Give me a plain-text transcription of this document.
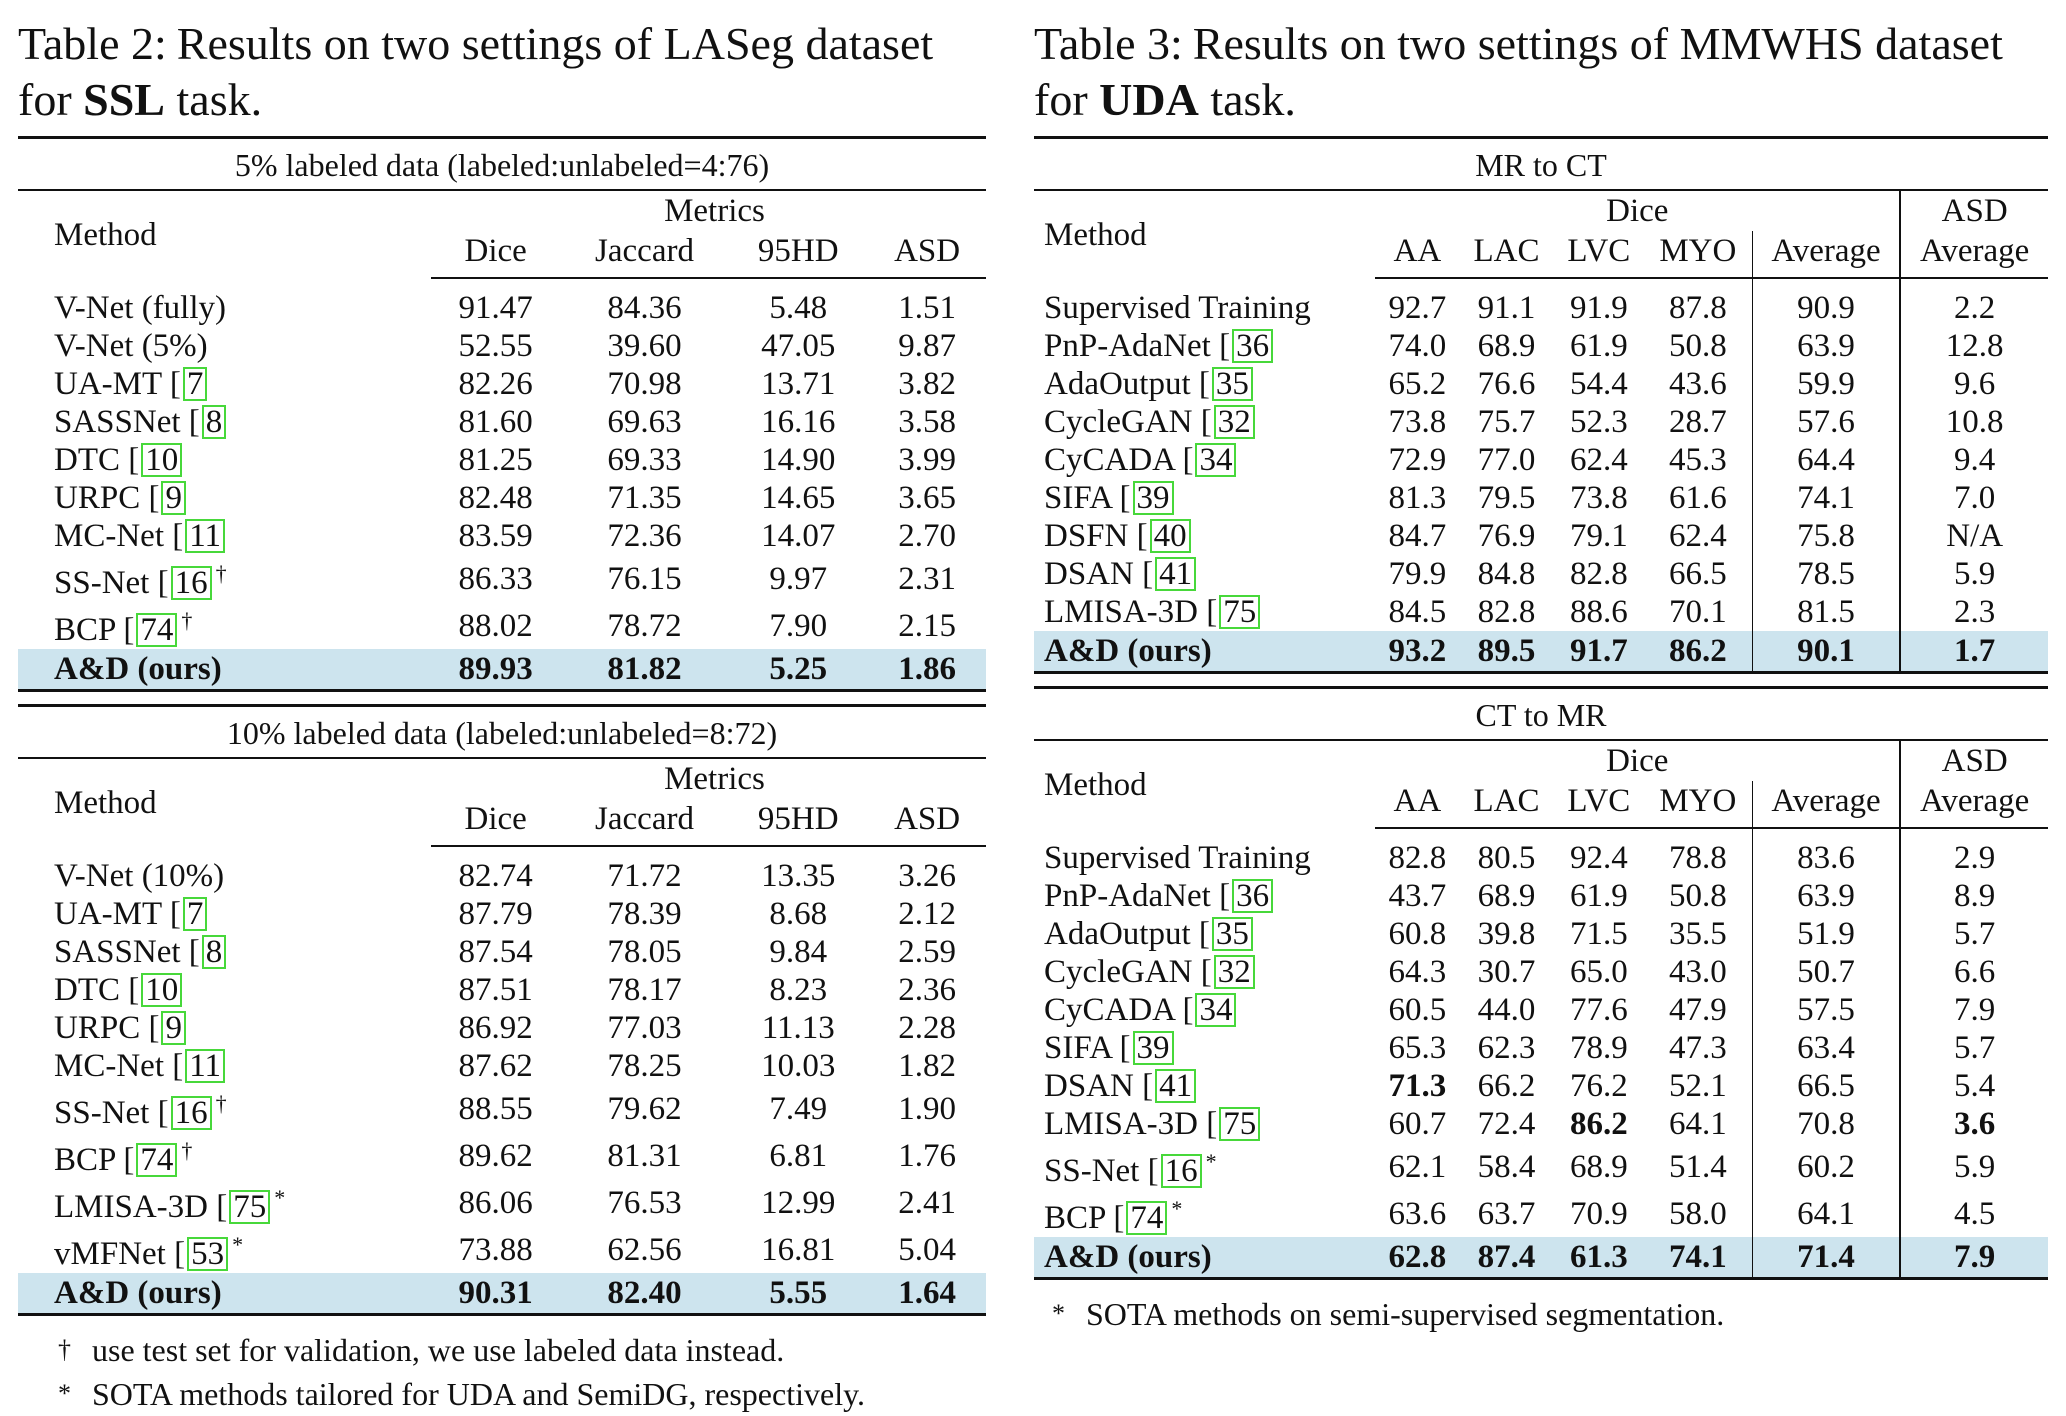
Table 2: Results on two settings of LASeg dataset for SSL task.
5% labeled data (labeled:unlabeled=4:76)				
Method		Metrics		
	Dice	Jaccard	95HD	ASD
V-Net (fully)	91.47	84.36	5.48	1.51
V-Net (5%)	52.55	39.60	47.05	9.87
UA-MT [ 7	82.26	70.98	13.71	3.82
SASSNet [ 8	81.60	69.63	16.16	3.58
DTC [ 10	81.25	69.33	14.90	3.99
URPC [ 9	82.48	71.35	14.65	3.65
MC-Net [ 11	83.59	72.36	14.07	2.70
SS-Net [ 16 †	86.33	76.15	9.97	2.31
BCP [ 74 †	88.02	78.72	7.90	2.15
A&D (ours)	89.93	81.82	5.25	1.86

10% labeled data (labeled:unlabeled=8:72)				
Method		Metrics		
	Dice	Jaccard	95HD	ASD
V-Net (10%)	82.74	71.72	13.35	3.26
UA-MT [ 7	87.79	78.39	8.68	2.12
SASSNet [ 8	87.54	78.05	9.84	2.59
DTC [ 10	87.51	78.17	8.23	2.36
URPC [ 9	86.92	77.03	11.13	2.28
MC-Net [ 11	87.62	78.25	10.03	1.82
SS-Net [ 16 †	88.55	79.62	7.49	1.90
BCP [ 74 †	89.62	81.31	6.81	1.76
LMISA-3D [ 75 *	86.06	76.53	12.99	2.41
vMFNet [ 53 *	73.88	62.56	16.81	5.04
A&D (ours)	90.31	82.40	5.55	1.64
† use test set for validation, we use labeled data instead.
* SOTA methods tailored for UDA and SemiDG, respectively.
Table 3: Results on two settings of MMWHS dataset for UDA task.
MR to CT						
Method	Dice					ASD
	AA	LAC	LVC	MYO	Average	Average
Supervised Training	92.7	91.1	91.9	87.8	90.9	2.2
PnP-AdaNet [ 36	74.0	68.9	61.9	50.8	63.9	12.8
AdaOutput [ 35	65.2	76.6	54.4	43.6	59.9	9.6
CycleGAN [ 32	73.8	75.7	52.3	28.7	57.6	10.8
CyCADA [ 34	72.9	77.0	62.4	45.3	64.4	9.4
SIFA [ 39	81.3	79.5	73.8	61.6	74.1	7.0
DSFN [ 40	84.7	76.9	79.1	62.4	75.8	N/A
DSAN [ 41	79.9	84.8	82.8	66.5	78.5	5.9
LMISA-3D [ 75	84.5	82.8	88.6	70.1	81.5	2.3
A&D (ours)	93.2	89.5	91.7	86.2	90.1	1.7

CT to MR						
Method	Dice					ASD
	AA	LAC	LVC	MYO	Average	Average
Supervised Training	82.8	80.5	92.4	78.8	83.6	2.9
PnP-AdaNet [ 36	43.7	68.9	61.9	50.8	63.9	8.9
AdaOutput [ 35	60.8	39.8	71.5	35.5	51.9	5.7
CycleGAN [ 32	64.3	30.7	65.0	43.0	50.7	6.6
CyCADA [ 34	60.5	44.0	77.6	47.9	57.5	7.9
SIFA [ 39	65.3	62.3	78.9	47.3	63.4	5.7
DSAN [ 41	71.3	66.2	76.2	52.1	66.5	5.4
LMISA-3D [ 75	60.7	72.4	86.2	64.1	70.8	3.6
SS-Net [ 16 *	62.1	58.4	68.9	51.4	60.2	5.9
BCP [ 74 *	63.6	63.7	70.9	58.0	64.1	4.5
A&D (ours)	62.8	87.4	61.3	74.1	71.4	7.9
* SOTA methods on semi-supervised segmentation.
